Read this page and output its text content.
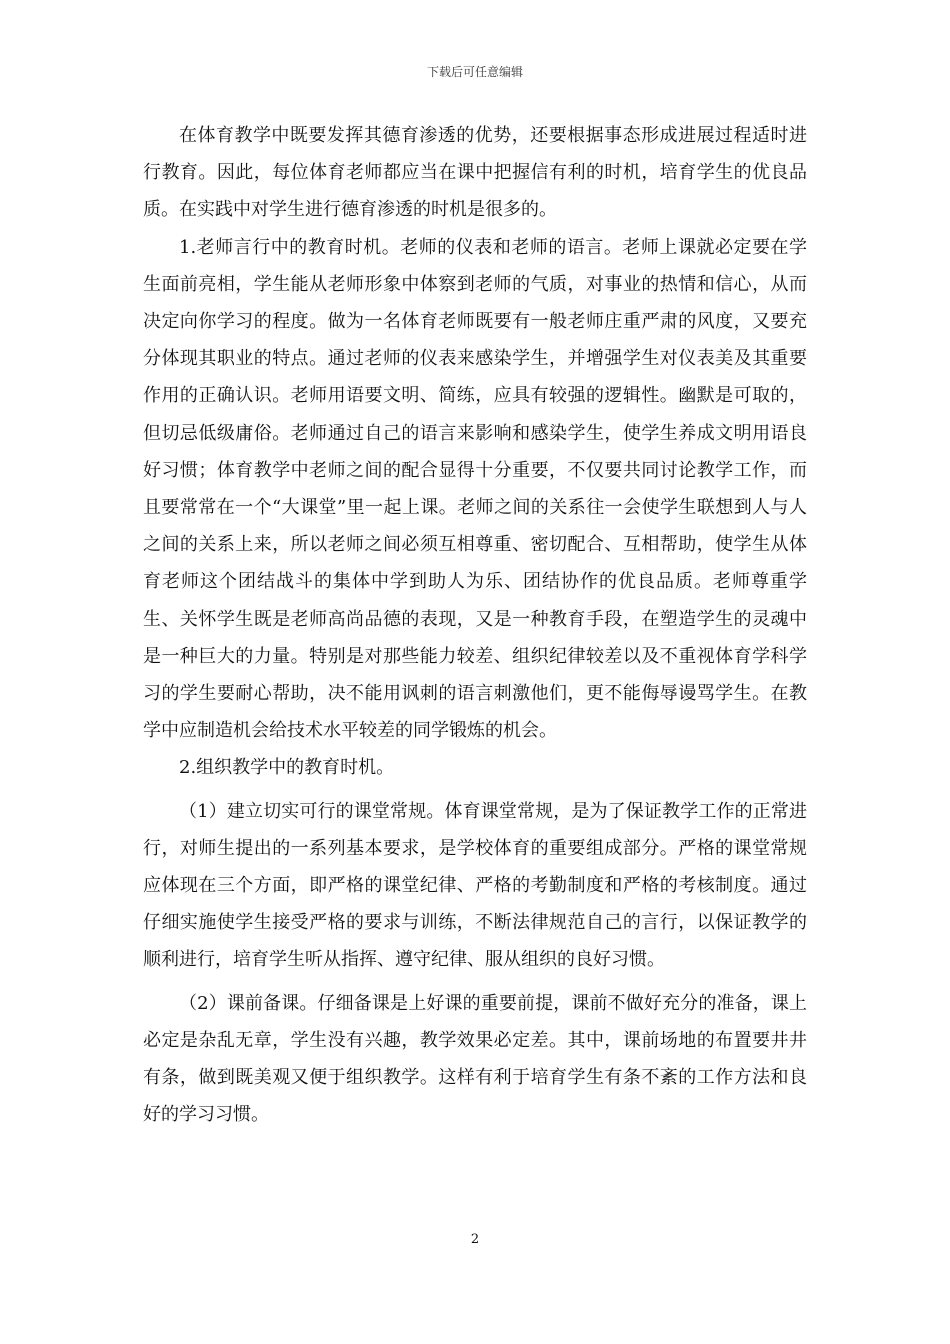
下载后可任意编辑

在体育教学中既要发挥其德育渗透的优势，还要根据事态形成进展过程适时进行教育。因此，每位体育老师都应当在课中把握信有利的时机，培育学生的优良品质。在实践中对学生进行德育渗透的时机是很多的。

1.老师言行中的教育时机。老师的仪表和老师的语言。老师上课就必定要在学生面前亮相，学生能从老师形象中体察到老师的气质，对事业的热情和信心，从而决定向你学习的程度。做为一名体育老师既要有一般老师庄重严肃的风度，又要充分体现其职业的特点。通过老师的仪表来感染学生，并增强学生对仪表美及其重要作用的正确认识。老师用语要文明、简练，应具有较强的逻辑性。幽默是可取的，但切忌低级庸俗。老师通过自己的语言来影响和感染学生，使学生养成文明用语良好习惯；体育教学中老师之间的配合显得十分重要，不仅要共同讨论教学工作，而且要常常在一个“大课堂”里一起上课。老师之间的关系往一会使学生联想到人与人之间的关系上来，所以老师之间必须互相尊重、密切配合、互相帮助，使学生从体育老师这个团结战斗的集体中学到助人为乐、团结协作的优良品质。老师尊重学生、关怀学生既是老师高尚品德的表现，又是一种教育手段，在塑造学生的灵魂中是一种巨大的力量。特别是对那些能力较差、组织纪律较差以及不重视体育学科学习的学生要耐心帮助，决不能用讽刺的语言刺激他们，更不能侮辱谩骂学生。在教学中应制造机会给技术水平较差的同学锻炼的机会。

2.组织教学中的教育时机。

（1）建立切实可行的课堂常规。体育课堂常规，是为了保证教学工作的正常进行，对师生提出的一系列基本要求，是学校体育的重要组成部分。严格的课堂常规应体现在三个方面，即严格的课堂纪律、严格的考勤制度和严格的考核制度。通过仔细实施使学生接受严格的要求与训练，不断法律规范自己的言行，以保证教学的顺利进行，培育学生听从指挥、遵守纪律、服从组织的良好习惯。

（2）课前备课。仔细备课是上好课的重要前提，课前不做好充分的准备，课上必定是杂乱无章，学生没有兴趣，教学效果必定差。其中，课前场地的布置要井井有条，做到既美观又便于组织教学。这样有利于培育学生有条不紊的工作方法和良好的学习习惯。

2
